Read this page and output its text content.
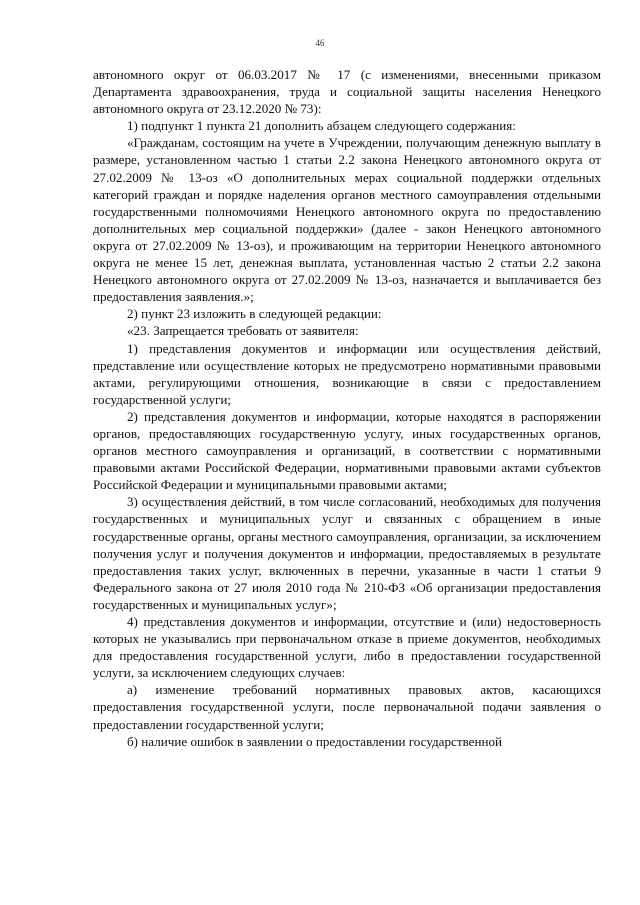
46

автономного округ от 06.03.2017 № 17 (с изменениями, внесенными приказом Департамента здравоохранения, труда и социальной защиты населения Ненецкого автономного округа от 23.12.2020 № 73):

1) подпункт 1 пункта 21 дополнить абзацем следующего содержания:

«Гражданам, состоящим на учете в Учреждении, получающим денежную выплату в размере, установленном частью 1 статьи 2.2 закона Ненецкого автономного округа от 27.02.2009 № 13-оз «О дополнительных мерах социальной поддержки отдельных категорий граждан и порядке наделения органов местного самоуправления отдельными государственными полномочиями Ненецкого автономного округа по предоставлению дополнительных мер социальной поддержки» (далее - закон Ненецкого автономного округа от 27.02.2009 № 13-оз), и проживающим на территории Ненецкого автономного округа не менее 15 лет, денежная выплата, установленная частью 2 статьи 2.2 закона Ненецкого автономного округа от 27.02.2009 № 13-оз, назначается и выплачивается без предоставления заявления.»;

2) пункт 23 изложить в следующей редакции:

«23. Запрещается требовать от заявителя:

1) представления документов и информации или осуществления действий, представление или осуществление которых не предусмотрено нормативными правовыми актами, регулирующими отношения, возникающие в связи с предоставлением государственной услуги;

2) представления документов и информации, которые находятся в распоряжении органов, предоставляющих государственную услугу, иных государственных органов, органов местного самоуправления и организаций, в соответствии с нормативными правовыми актами Российской Федерации, нормативными правовыми актами субъектов Российской Федерации и муниципальными правовыми актами;

3) осуществления действий, в том числе согласований, необходимых для получения государственных и муниципальных услуг и связанных с обращением в иные государственные органы, органы местного самоуправления, организации, за исключением получения услуг и получения документов и информации, предоставляемых в результате предоставления таких услуг, включенных в перечни, указанные в части 1 статьи 9 Федерального закона от 27 июля 2010 года № 210-ФЗ «Об организации предоставления государственных и муниципальных услуг»;

4) представления документов и информации, отсутствие и (или) недостоверность которых не указывались при первоначальном отказе в приеме документов, необходимых для предоставления государственной услуги, либо в предоставлении государственной услуги, за исключением следующих случаев:

а) изменение требований нормативных правовых актов, касающихся предоставления государственной услуги, после первоначальной подачи заявления о предоставлении государственной услуги;

б) наличие ошибок в заявлении о предоставлении государственной
